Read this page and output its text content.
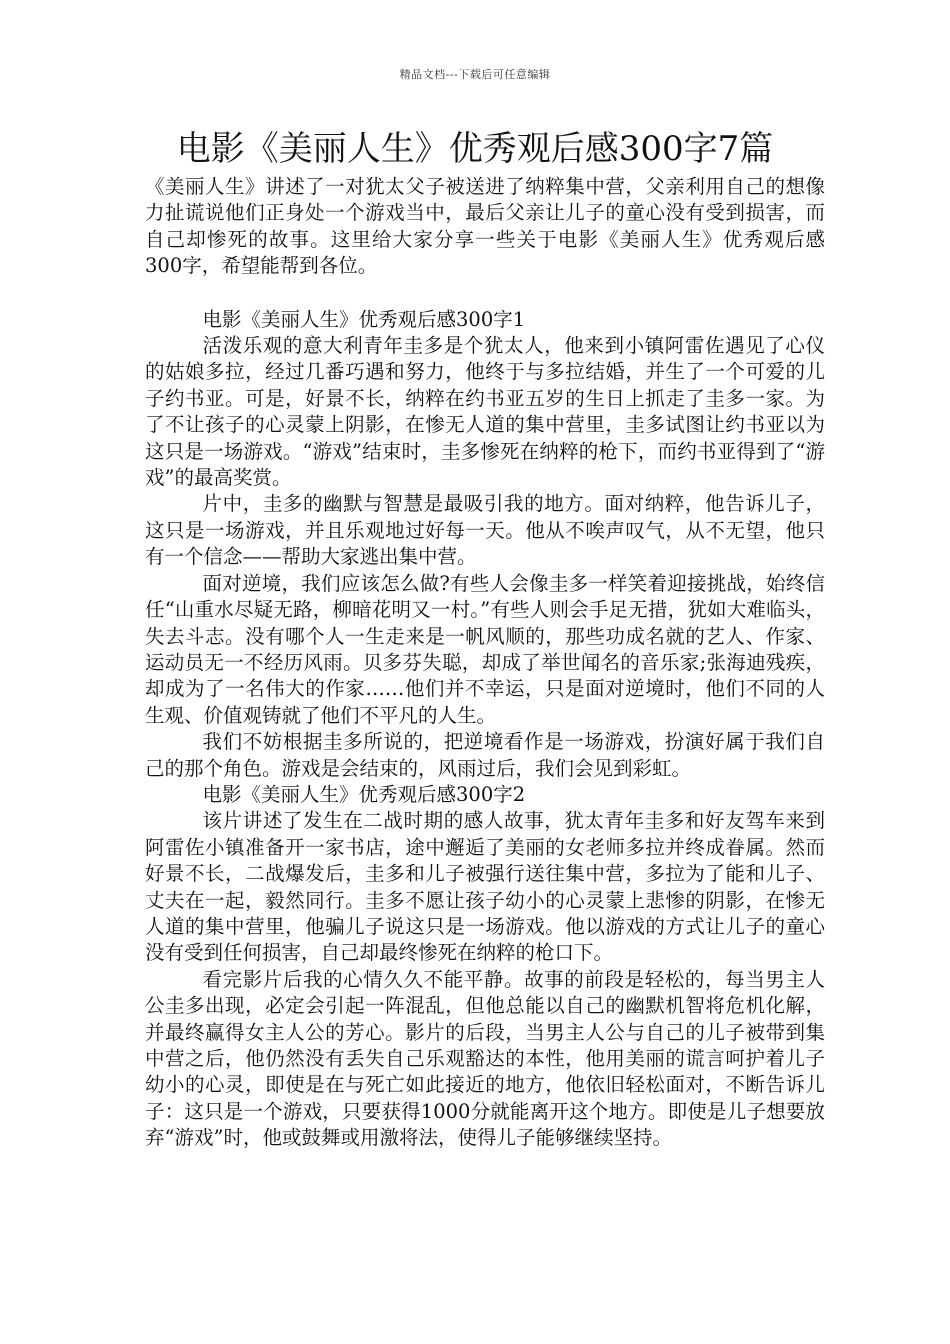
精品文档---下载后可任意编辑
电影《美丽人生》优秀观后感300字7篇

《美丽人生》讲述了一对犹太父子被送进了纳粹集中营，父亲利用自己的想像力扯谎说他们正身处一个游戏当中，最后父亲让儿子的童心没有受到损害，而自己却惨死的故事。这里给大家分享一些关于电影《美丽人生》优秀观后感300字，希望能帮到各位。

电影《美丽人生》优秀观后感300字1

活泼乐观的意大利青年圭多是个犹太人，他来到小镇阿雷佐遇见了心仪的姑娘多拉，经过几番巧遇和努力，他终于与多拉结婚，并生了一个可爱的儿子约书亚。可是，好景不长，纳粹在约书亚五岁的生日上抓走了圭多一家。为了不让孩子的心灵蒙上阴影，在惨无人道的集中营里，圭多试图让约书亚以为这只是一场游戏。“游戏”结束时，圭多惨死在纳粹的枪下，而约书亚得到了“游戏”的最高奖赏。

片中，圭多的幽默与智慧是最吸引我的地方。面对纳粹，他告诉儿子，这只是一场游戏，并且乐观地过好每一天。他从不唉声叹气，从不无望，他只有一个信念——帮助大家逃出集中营。

面对逆境，我们应该怎么做?有些人会像圭多一样笑着迎接挑战，始终信任“山重水尽疑无路，柳暗花明又一村。”有些人则会手足无措，犹如大难临头，失去斗志。没有哪个人一生走来是一帆风顺的，那些功成名就的艺人、作家、运动员无一不经历风雨。贝多芬失聪，却成了举世闻名的音乐家;张海迪残疾，却成为了一名伟大的作家……他们并不幸运，只是面对逆境时，他们不同的人生观、价值观铸就了他们不平凡的人生。

我们不妨根据圭多所说的，把逆境看作是一场游戏，扮演好属于我们自己的那个角色。游戏是会结束的，风雨过后，我们会见到彩虹。

电影《美丽人生》优秀观后感300字2

该片讲述了发生在二战时期的感人故事，犹太青年圭多和好友驾车来到阿雷佐小镇准备开一家书店，途中邂逅了美丽的女老师多拉并终成眷属。然而好景不长，二战爆发后，圭多和儿子被强行送往集中营，多拉为了能和儿子、丈夫在一起，毅然同行。圭多不愿让孩子幼小的心灵蒙上悲惨的阴影，在惨无人道的集中营里，他骗儿子说这只是一场游戏。他以游戏的方式让儿子的童心没有受到任何损害，自己却最终惨死在纳粹的枪口下。

看完影片后我的心情久久不能平静。故事的前段是轻松的，每当男主人公圭多出现，必定会引起一阵混乱，但他总能以自己的幽默机智将危机化解，并最终赢得女主人公的芳心。影片的后段，当男主人公与自己的儿子被带到集中营之后，他仍然没有丢失自己乐观豁达的本性，他用美丽的谎言呵护着儿子幼小的心灵，即使是在与死亡如此接近的地方，他依旧轻松面对，不断告诉儿子：这只是一个游戏，只要获得1000分就能离开这个地方。即使是儿子想要放弃“游戏”时，他或鼓舞或用激将法，使得儿子能够继续坚持。
